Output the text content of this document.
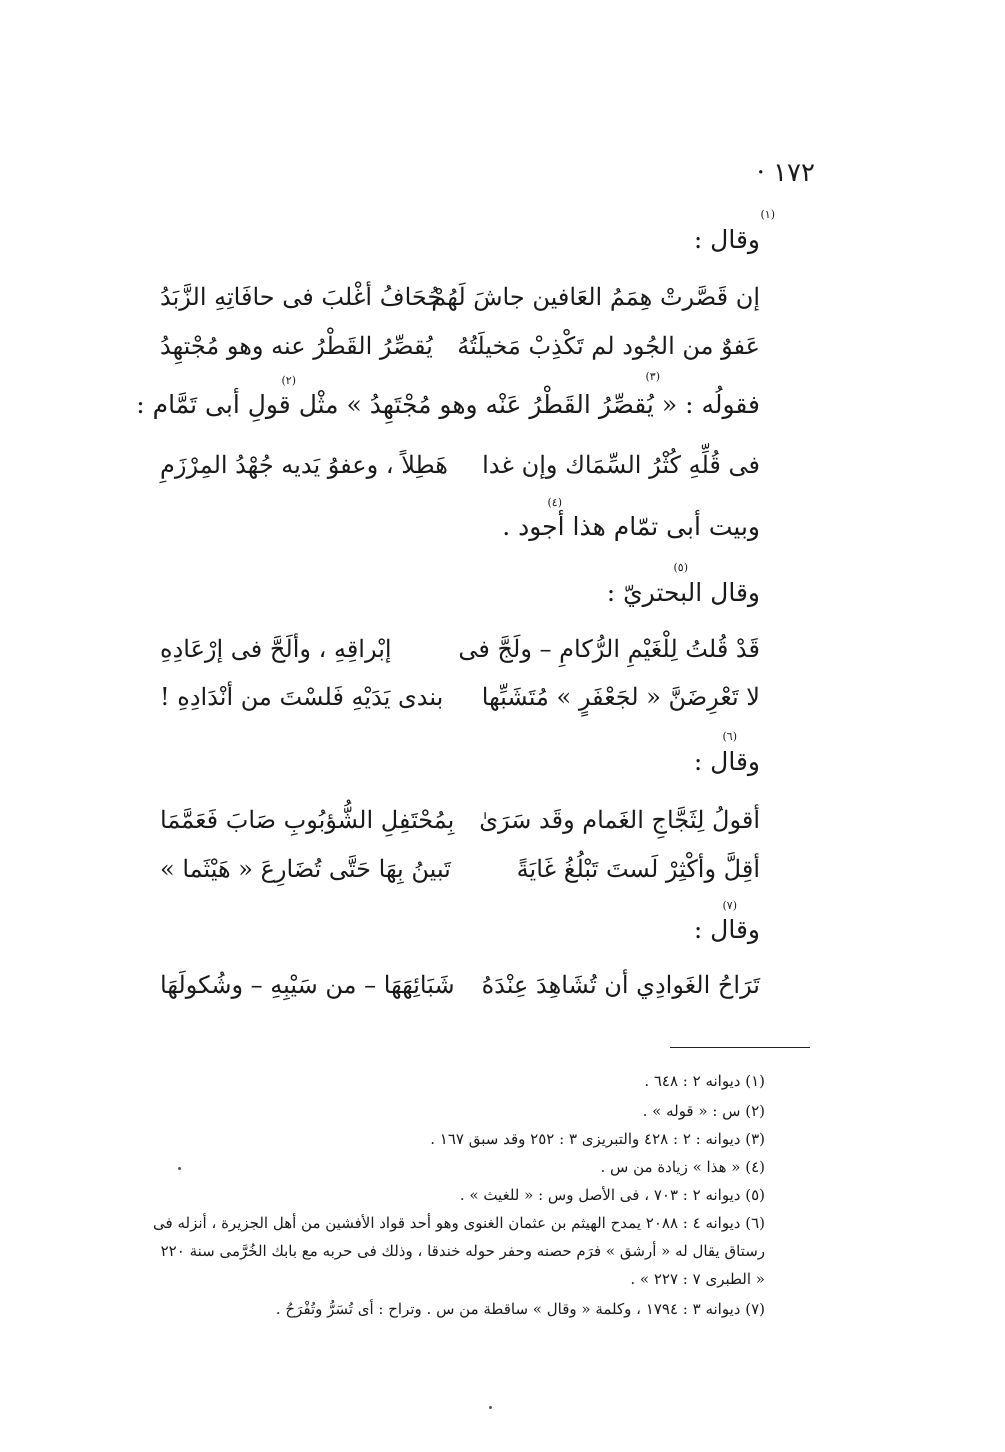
۱۷۲ ·
(۱)
وقال :
إن قَصَّرتْ هِمَمُ العَافين جاشَ لَهُمْ
جُحَافُ أغْلبَ فى حافَاتِهِ الزَّبَدُ
عَفوٌ من الجُود لم تَكْذِبْ مَخيلَتُهُ
يُقصِّرُ القَطْرُ عنه وهو مُجْتهِدُ
(۲)	(۳)
فقولُه : « يُقصِّرُ القَطْرُ عَنْه وهو مُجْتَهِدُ » مثْل قولِ أبى تَمَّام :
فى قُلِّهِ كُثْرُ السِّمَاك وإن غدا
هَطِلاً ، وعفوُ يَديه جُهْدُ المِرْزَمِ
(٤)
وبيت أبى تمّام هذا أجود .
(٥)
وقال البحتريّ :
قَدْ قُلتُ لِلْغَيْمِ الرُّكامِ – ولَجَّ فى
إبْراقِهِ ، وألَحَّ فى إرْعَادِهِ
لا تَعْرِضَنَّ « لجَعْفَرٍ » مُتَشَبِّها
بندى يَدَيْهِ فَلسْتَ من أنْدَادِهِ !
(٦)
وقال :
أقولُ لِثَجَّاجِ الغَمام وقَد سَرَىٰ
بِمُحْتَفِلِ الشُّؤبُوبِ صَابَ فَعَمَّمَا
أقِلَّ وأكْثِرْ لَستَ تَبْلُغُ غَايَةً
تَبينُ بِهَا حَتَّى تُضَارِعَ « هَيْثَما »
(۷)
وقال :
تَرَاحُ الغَوادِي أن تُشَاهِدَ عِنْدَهُ
شَبَائِهَهَا – من سَيْبِهِ – وشُكولَهَا
(۱) ديوانه ۲ : ٦٤۸ .
(۲) س : « قوله » .
(۳) ديوانه : ۲ : ٤۲۸ والتبريزى ۳ : ۲٥۲ وقد سبق ۱٦۷ .
(٤) « هذا » زيادة من س .
(٥) ديوانه ۲ : ۷۰۳ ، فى الأصل وس : « للغيث » .
(٦) ديوانه ٤ : ۲۰۸۸ يمدح الهيثم بن عثمان الغنوى وهو أحد قواد الأفشين من أهل الجزيرة ، أنزله فى
رستاق يقال له « أرشق » فرَم حصنه وحفر حوله خندقا ، وذلك فى حربه مع بابك الخُرَّمى سنة ۲۲۰
« الطبرى ۷ : ۲۲۷ » .
(۷) ديوانه ۳ : ۱۷۹٤ ، وكلمة « وقال » ساقطة من س . وتراح : أى تُسَرُّ وتُفْرَحُ .
